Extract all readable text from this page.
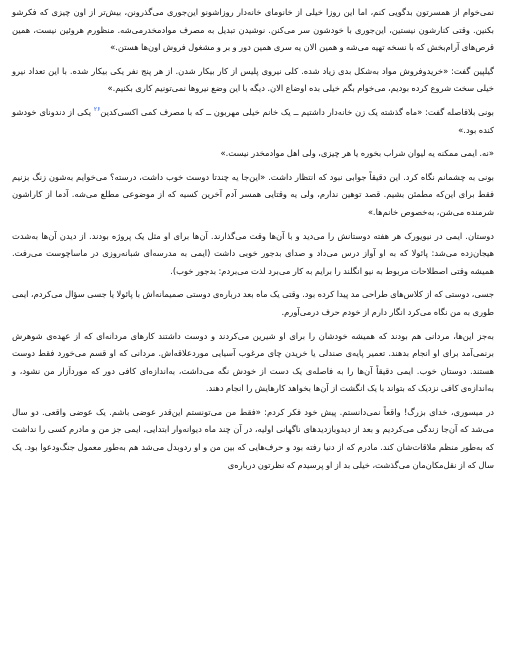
نمی‌خوام از همسرتون بدگویی کنم، اما این روزا خیلی از خانومای خانه‌دار روزاشونو این‌جوری می‌گذرونن، بیش‌تر از اون چیزی که فکرشو بکنین. وقتی کنارشون نیستین، این‌جوری با خودشون سر می‌کنن. نوشیدن تبدیل به مصرف موادمخدرمی‌شه. منظورم هروئین نیست، همین قرص‌های آرام‌بخش که با نسخه تهیه می‌شه و همین الان یه سری همین دور و بر و مشغول فروش اون‌ها هستن.»

گیلپین گفت: «خرید‌وفروش مواد به‌شکل بدی زیاد شده. کلی نیروی پلیس از کار بیکار شدن. از هر پنج نفر یکی بیکار شده. با این تعداد نیرو خیلی سخت شروع کرده بودیم، می‌خوام بگم خیلی بده اوضاع الان. دیگه با این وضع نیروها نمی‌تونیم کاری بکنیم.»

بونی بلافاصله گفت: «ماه گذشته یک زن خانه‌دار داشتیم ــ یک خانم خیلی مهربون ــ که با مصرف کمی اکسی‌کدین$^{۲۶}$ یکی از دندونای خودشو کنده بود.»

«نه. ایمی ممکنه یه لیوان شراب بخوره یا هر چیزی، ولی اهل موادمخدر نیست.»

بونی به چشمانم نگاه کرد. این دقیقاً جوابی نبود که انتظار داشت. «این‌جا یه چندتا دوست خوب داشت، درسته؟ می‌خوایم به‌شون زنگ بزنیم فقط برای این‌که مطمئن بشیم. قصد توهین ندارم، ولی یه وقتایی همسر آدم آخرین کسیه که از موضوعی مطلع می‌شه. آدما از کاراشون شرمنده می‌شن، به‌خصوص خانم‌ها.»

دوستان. ایمی در نیویورک هر هفته دوستانش را می‌دید و با آن‌ها وقت می‌گذارند. آن‌ها برای او مثل یک پروژه بودند. از دیدن آن‌ها به‌شدت هیجان‌زده می‌شد: پائولا که به او آواز درس می‌داد و صدای بدجور خوبی داشت (ایمی به مدرسه‌ای شبانه‌روزی در ماساچوست می‌رفت. همیشه وقتی اصطلاحات مربوط به نیو انگلند را برایم به کار می‌برد لذت می‌بردم: بدجور خوب).

جسی، دوستی که از کلاس‌های طراحی مد پیدا کرده بود. وقتی یک ماه بعد درباره‌ی دوستی صمیمانه‌اش با پائولا یا جسی سؤال می‌کردم، ایمی طوری به من نگاه می‌کرد انگار دارم از خودم حرف درمی‌آورم.

به‌جز این‌ها، مردانی هم بودند که همیشه خودشان را برای او شیرین می‌کردند و دوست داشتند کارهای مردانه‌ای که از عهده‌ی شوهرش برنمی‌آمد برای او انجام بدهند. تعمیر پایه‌ی صندلی یا خریدن چای مرغوب آسیایی موردعلاقه‌اش. مردانی که او قسم می‌خورد فقط دوست هستند. دوستان خوب. ایمی دقیقاً آن‌ها را به فاصله‌ی یک دست از خودش نگه می‌داشت، به‌اندازه‌ای کافی دور که مورداَزار من نشود، و به‌اندازه‌ی کافی نزدیک که بتواند با یک انگشت از آن‌ها بخواهد کارهایش را انجام دهند.

در میسوری، خدای بزرگ! واقعاً نمی‌دانستم. پیش خود فکر کردم: «فقط من می‌تونستم این‌قدر عوضی باشم. یک عوضی واقعی. دو سال می‌شد که آن‌جا زندگی می‌کردیم و بعد از دیدوبازدیدهای ناگهانی اولیه، در آن چند ماه دیوانه‌وار ابتدایی، ایمی جز من و مادرم کسی را نداشت که به‌طور منظم ملاقات‌شان کند. مادرم که از دنیا رفته بود و حرف‌هایی که بین من و او ردوبدل می‌شد هم به‌طور معمول جنگ‌ودعوا بود. یک سال که از نقل‌مکان‌مان می‌گذشت، خیلی بد از او پرسیدم که نظرتون درباره‌ی
